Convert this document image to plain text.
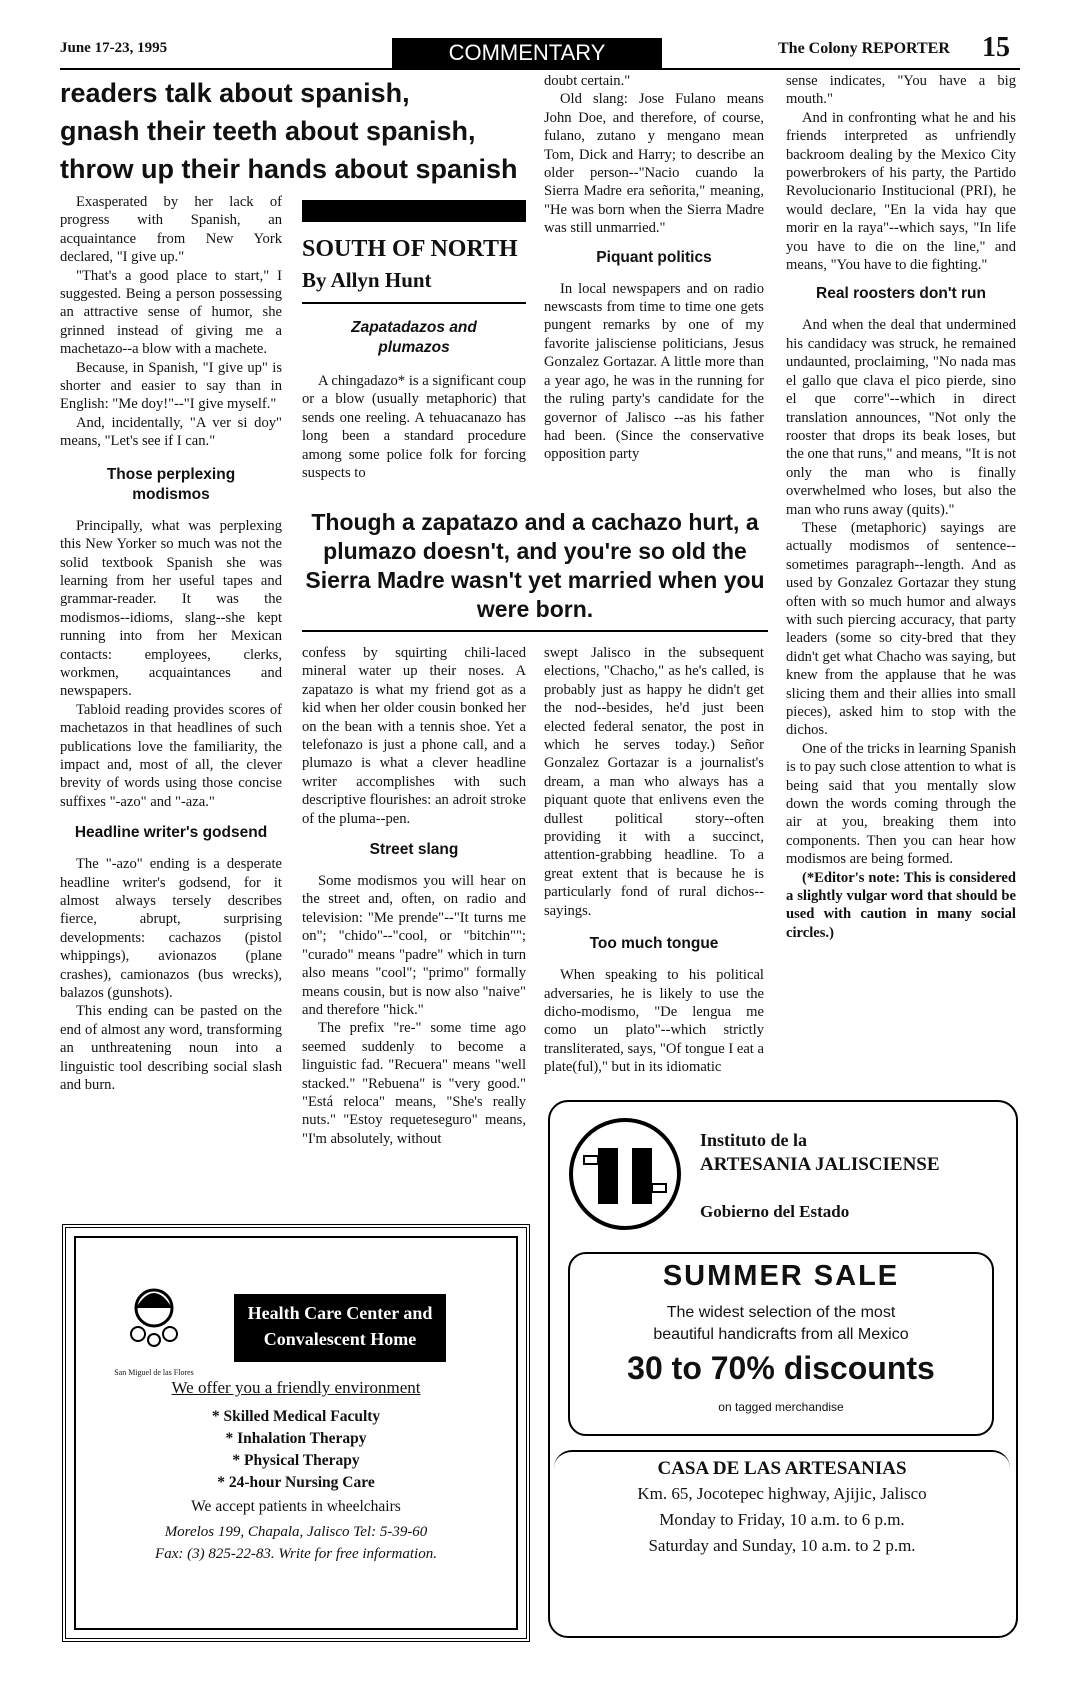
June 17-23, 1995	COMMENTARY	The Colony REPORTER 15
readers talk about spanish,
gnash their teeth about spanish,
throw up their hands about spanish

Exasperated by her lack of progress with Spanish, an acquaintance from New York declared, "I give up."

"That's a good place to start," I suggested. Being a person possessing an attractive sense of humor, she grinned instead of giving me a machetazo--a blow with a machete.

Because, in Spanish, "I give up" is shorter and easier to say than in English: "Me doy!"--"I give myself."

And, incidentally, "A ver si doy" means, "Let's see if I can."

Those perplexing modismos

Principally, what was perplexing this New Yorker so much was not the solid textbook Spanish she was learning from her useful tapes and grammar-reader. It was the modismos--idioms, slang--she kept running into from her Mexican contacts: employees, clerks, workmen, acquaintances and newspapers.

Tabloid reading provides scores of machetazos in that headlines of such publications love the familiarity, the impact and, most of all, the clever brevity of words using those concise suffixes "-azo" and "-aza."

Headline writer's godsend

The "-azo" ending is a desperate headline writer's godsend, for it almost always tersely describes fierce, abrupt, surprising developments: cachazos (pistol whippings), avionazos (plane crashes), camionazos (bus wrecks), balazos (gunshots).

This ending can be pasted on the end of almost any word, transforming an unthreatening noun into a linguistic tool describing social slash and burn.

SOUTH OF NORTH
By Allyn Hunt
Zapatadazos and plumazos

A chingadazo* is a significant coup or a blow (usually metaphoric) that sends one reeling. A tehuacanazo has long been a standard procedure among some police folk for forcing suspects to

doubt certain."

Old slang: Jose Fulano means John Doe, and therefore, of course, fulano, zutano y mengano mean Tom, Dick and Harry; to describe an older person--"Nacio cuando la Sierra Madre era señorita," meaning, "He was born when the Sierra Madre was still unmarried."

Piquant politics

In local newspapers and on radio newscasts from time to time one gets pungent remarks by one of my favorite jalisciense politicians, Jesus Gonzalez Gortazar. A little more than a year ago, he was in the running for the ruling party's candidate for the governor of Jalisco --as his father had been. (Since the conservative opposition party

Though a zapatazo and a cachazo hurt, a plumazo doesn't, and you're so old the Sierra Madre wasn't yet married when you were born.

confess by squirting chili-laced mineral water up their noses. A zapatazo is what my friend got as a kid when her older cousin bonked her on the bean with a tennis shoe. Yet a telefonazo is just a phone call, and a plumazo is what a clever headline writer accomplishes with such descriptive flourishes: an adroit stroke of the pluma--pen.

Street slang

Some modismos you will hear on the street and, often, on radio and television: "Me prende"--"It turns me on"; "chido"--"cool, or "bitchin""; "curado" means "padre" which in turn also means "cool"; "primo" formally means cousin, but is now also "naive" and therefore "hick."

The prefix "re-" some time ago seemed suddenly to become a linguistic fad. "Recuera" means "well stacked." "Rebuena" is "very good." "Está reloca" means, "She's really nuts." "Estoy requeteseguro" means, "I'm absolutely, without

swept Jalisco in the subsequent elections, "Chacho," as he's called, is probably just as happy he didn't get the nod--besides, he'd just been elected federal senator, the post in which he serves today.) Señor Gonzalez Gortazar is a journalist's dream, a man who always has a piquant quote that enlivens even the dullest political story--often providing it with a succinct, attention-grabbing headline. To a great extent that is because he is particularly fond of rural dichos--sayings.

Too much tongue

When speaking to his political adversaries, he is likely to use the dicho-modismo, "De lengua me como un plato"--which strictly transliterated, says, "Of tongue I eat a plate(ful)," but in its idiomatic

sense indicates, "You have a big mouth."

And in confronting what he and his friends interpreted as unfriendly backroom dealing by the Mexico City powerbrokers of his party, the Partido Revolucionario Institucional (PRI), he would declare, "En la vida hay que morir en la raya"--which says, "In life you have to die on the line," and means, "You have to die fighting."

Real roosters don't run

And when the deal that undermined his candidacy was struck, he remained undaunted, proclaiming, "No nada mas el gallo que clava el pico pierde, sino el que corre"--which in direct translation announces, "Not only the rooster that drops its beak loses, but the one that runs," and means, "It is not only the man who is finally overwhelmed who loses, but also the man who runs away (quits)."

These (metaphoric) sayings are actually modismos of sentence--sometimes paragraph--length. And as used by Gonzalez Gortazar they stung often with so much humor and always with such piercing accuracy, that party leaders (some so city-bred that they didn't get what Chacho was saying, but knew from the applause that he was slicing them and their allies into small pieces), asked him to stop with the dichos.

One of the tricks in learning Spanish is to pay such close attention to what is being said that you mentally slow down the words coming through the air at you, breaking them into components. Then you can hear how modismos are being formed.

(*Editor's note: This is considered a slightly vulgar word that should be used with caution in many social circles.)

San Miguel de las Flores
Health Care Center and
Convalescent Home
We offer you a friendly environment
* Skilled Medical Faculty
* Inhalation Therapy
* Physical Therapy
* 24-hour Nursing Care
We accept patients in wheelchairs
Morelos 199, Chapala, Jalisco Tel: 5-39-60
Fax: (3) 825-22-83. Write for free information.
Instituto de la
ARTESANIA JALISCIENSE
Gobierno del Estado
SUMMER SALE
The widest selection of the most
beautiful handicrafts from all Mexico
30 to 70% discounts
on tagged merchandise
CASA DE LAS ARTESANIAS
Km. 65, Jocotepec highway, Ajijic, Jalisco
Monday to Friday, 10 a.m. to 6 p.m.
Saturday and Sunday, 10 a.m. to 2 p.m.
